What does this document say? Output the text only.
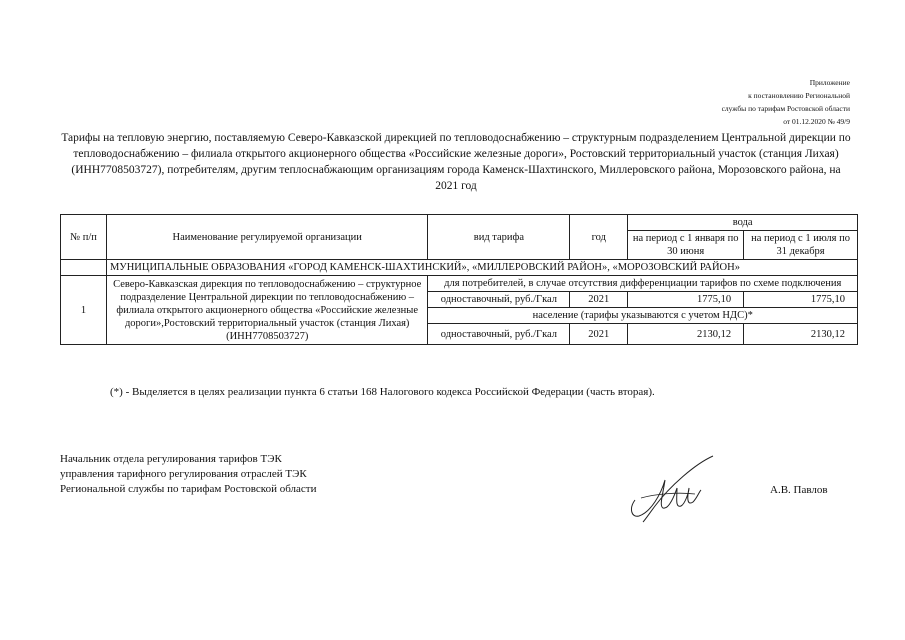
Приложение
к постановлению Региональной
службы по тарифам Ростовской области
от 01.12.2020 № 49/9
Тарифы на тепловую энергию, поставляемую Северо-Кавказской дирекцией по тепловодоснабжению – структурным подразделением Центральной дирекции по тепловодоснабжению – филиала открытого акционерного общества «Российские железные дороги», Ростовский территориальный участок (станция Лихая) (ИНН7708503727), потребителям, другим теплоснабжающим организациям города Каменск-Шахтинского, Миллеровского района, Морозовского района, на 2021 год
№ п/п	Наименование регулируемой организации	вид тарифа	год	вода	
				на период с 1 января по 30 июня	на период с 1 июля по 31 декабря
	МУНИЦИПАЛЬНЫЕ ОБРАЗОВАНИЯ «ГОРОД КАМЕНСК-ШАХТИНСКИЙ», «МИЛЛЕРОВСКИЙ РАЙОН», «МОРОЗОВСКИЙ РАЙОН»				
1	Северо-Кавказская дирекция по тепловодоснабжению – структурное подразделение Центральной дирекции по тепловодоснабжению – филиала открытого акционерного общества «Российские железные дороги»,Ростовский территориальный участок (станция Лихая) (ИНН7708503727)	для потребителей, в случае отсутствия дифференциации тарифов по схеме подключения			
		одноставочный, руб./Гкал	2021	1775,10	1775,10
		население (тарифы указываются с учетом НДС)*			
		одноставочный, руб./Гкал	2021	2130,12	2130,12
(*) - Выделяется в целях реализации пункта 6 статьи 168 Налогового кодекса Российской Федерации (часть вторая).
Начальник отдела регулирования тарифов ТЭК
управления тарифного регулирования отраслей ТЭК
Региональной службы по тарифам Ростовской области	А.В. Павлов
